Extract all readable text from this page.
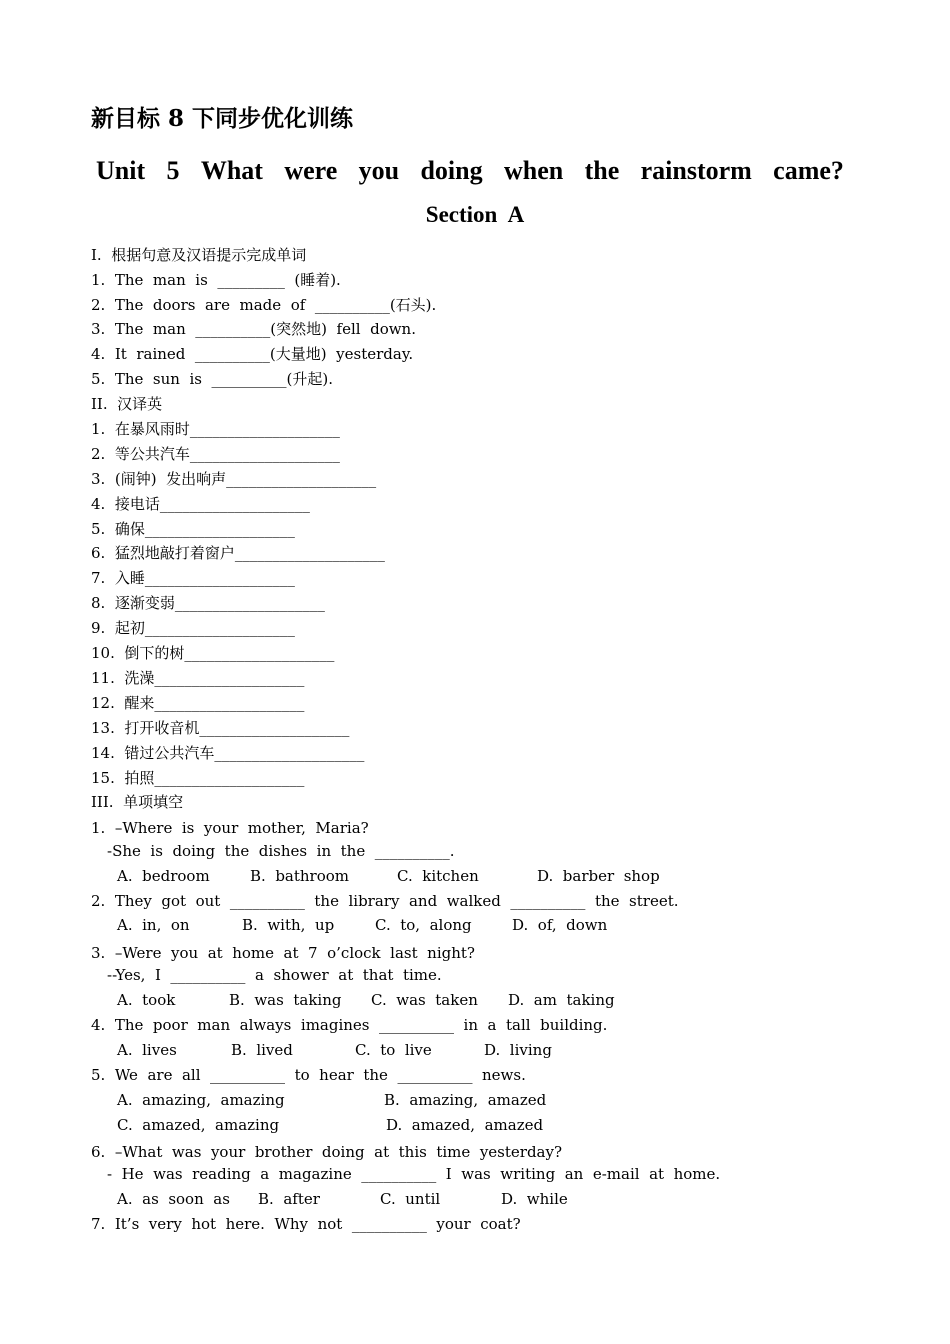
新目标 8 下同步优化训练
Unit 5 What were you doing when the rainstorm came?
Section  A
I.  根据句意及汉语提示完成单词
1.  The  man  is  _________  (睡着).
2.  The  doors  are  made  of  __________(石头).
3.  The  man  __________(突然地)  fell  down.
4.  It  rained  __________(大量地)  yesterday.
5.  The  sun  is  __________(升起).
II.  汉译英
1.  在暴风雨时____________________
2.  等公共汽车____________________
3.  (闹钟)  发出响声____________________
4.  接电话____________________
5.  确保____________________
6.  猛烈地敲打着窗户____________________
7.  入睡____________________
8.  逐渐变弱____________________
9.  起初____________________
10.  倒下的树____________________
11.  洗澡____________________
12.  醒来____________________
13.  打开收音机____________________
14.  错过公共汽车____________________
15.  拍照____________________
III.  单项填空
1.  –Where  is  your  mother,  Maria?
-She  is  doing  the  dishes  in  the  __________.
A.  bedroom	B.  bathroom	C.  kitchen	D.  barber  shop
2.  They  got  out  __________  the  library  and  walked  __________  the  street.
A.  in,  on	B.  with,  up	C.  to,  along	D.  of,  down
3.  –Were  you  at  home  at  7  o’clock  last  night?
--Yes,  I  __________  a  shower  at  that  time.
A.  took	B.  was  taking C.  was  taken D.  am  taking
4.  The  poor  man  always  imagines  __________  in  a  tall  building.
A.  lives	B.  lived	C.  to  live	D.  living
5.  We  are  all  __________  to  hear  the  __________  news.
A.  amazing,  amazing	B.  amazing,  amazed
C.  amazed,  amazing	D.  amazed,  amazed
6.  –What  was  your  brother  doing  at  this  time  yesterday?
-  He  was  reading  a  magazine  __________  I  was  writing  an  e-mail  at  home.
A.  as  soon  as B.  after	C.  until	D.  while
7.  It’s  very  hot  here.  Why  not  __________  your  coat?
